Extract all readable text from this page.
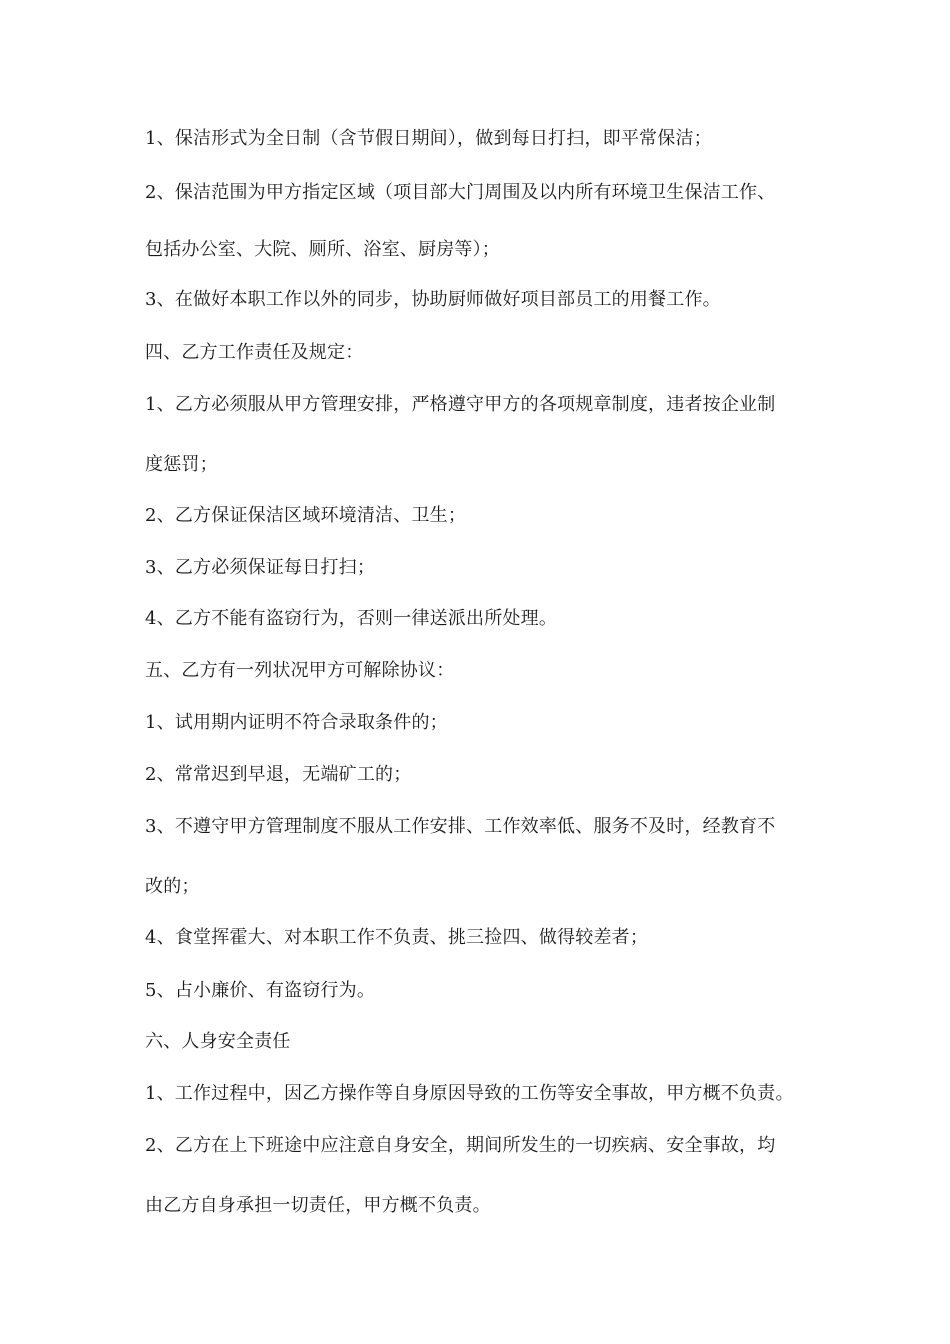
1、保洁形式为全日制（含节假日期间），做到每日打扫，即平常保洁；
2、保洁范围为甲方指定区域（项目部大门周围及以内所有环境卫生保洁工作、
包括办公室、大院、厕所、浴室、厨房等）；
3、在做好本职工作以外的同步，协助厨师做好项目部员工的用餐工作。
四、乙方工作责任及规定：
1、乙方必须服从甲方管理安排，严格遵守甲方的各项规章制度，违者按企业制
度惩罚；
2、乙方保证保洁区域环境清洁、卫生；
3、乙方必须保证每日打扫；
4、乙方不能有盗窃行为，否则一律送派出所处理。
五、乙方有一列状况甲方可解除协议：
1、试用期内证明不符合录取条件的；
2、常常迟到早退，无端矿工的；
3、不遵守甲方管理制度不服从工作安排、工作效率低、服务不及时，经教育不
改的；
4、食堂挥霍大、对本职工作不负责、挑三捡四、做得较差者；
5、占小廉价、有盗窃行为。
六、人身安全责任
1、工作过程中，因乙方操作等自身原因导致的工伤等安全事故，甲方概不负责。
2、乙方在上下班途中应注意自身安全，期间所发生的一切疾病、安全事故，均
由乙方自身承担一切责任，甲方概不负责。
